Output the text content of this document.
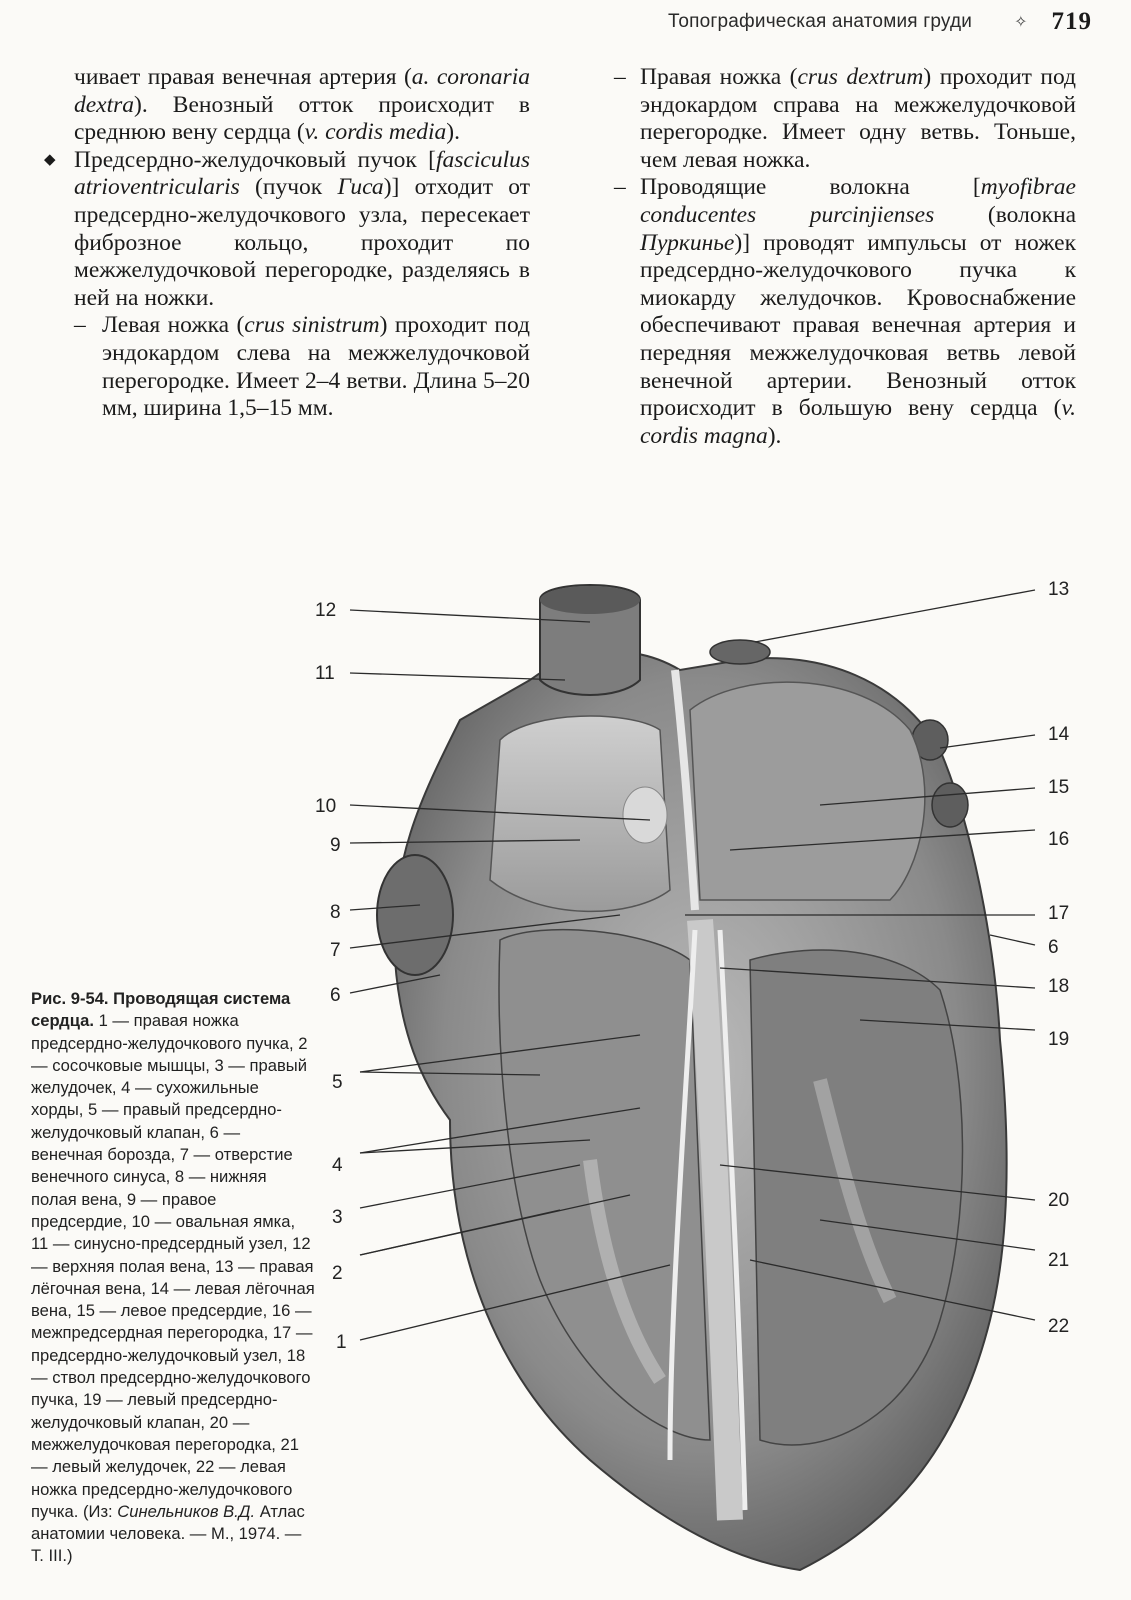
Топографическая анатомия груди	✧ 719

чивает правая венечная артерия (a. coronaria dextra). Венозный отток происходит в среднюю вену сердца (v. cordis media).

◆ Предсердно-желудочковый пучок [fasciculus atrioventricularis (пучок Гиса)] отходит от предсердно-желудочкового узла, пересекает фиброзное кольцо, проходит по межжелудочковой перегородке, разделяясь в ней на ножки.

– Левая ножка (crus sinistrum) проходит под эндокардом слева на межжелудочковой перегородке. Имеет 2–4 ветви. Длина 5–20 мм, ширина 1,5–15 мм.

– Правая ножка (crus dextrum) проходит под эндокардом справа на межжелудочковой перегородке. Имеет одну ветвь. Тоньше, чем левая ножка.

– Проводящие волокна [myofibrae conducentes purcinjienses (волокна Пуркинье)] проводят импульсы от ножек предсердно-желудочкового пучка к миокарду желудочков. Кровоснабжение обеспечивают правая венечная артерия и передняя межжелудочковая ветвь левой венечной артерии. Венозный отток происходит в большую вену сердца (v. cordis magna).

Рис. 9-54. Проводящая система сердца. 1 — правая ножка предсердно-желудочкового пучка, 2 — сосочковые мышцы, 3 — правый желудочек, 4 — сухожильные хорды, 5 — правый предсердно-желудочковый клапан, 6 — венечная борозда, 7 — отверстие венечного синуса, 8 — нижняя полая вена, 9 — правое предсердие, 10 — овальная ямка, 11 — синусно-предсердный узел, 12 — верхняя полая вена, 13 — правая лёгочная вена, 14 — левая лёгочная вена, 15 — левое предсердие, 16 — межпредсердная перегородка, 17 — предсердно-желудочковый узел, 18 — ствол предсердно-желудочкового пучка, 19 — левый предсердно-желудочковый клапан, 20 — межжелудочковая перегородка, 21 — левый желудочек, 22 — левая ножка предсердно-желудочкового пучка. (Из: Синельников В.Д. Атлас анатомии человека. — М., 1974. — Т. III.)
12
11
10
9
8
7
6
5
4
3
2
1
13
14
15
16
17
6
18
19
20
21
22
